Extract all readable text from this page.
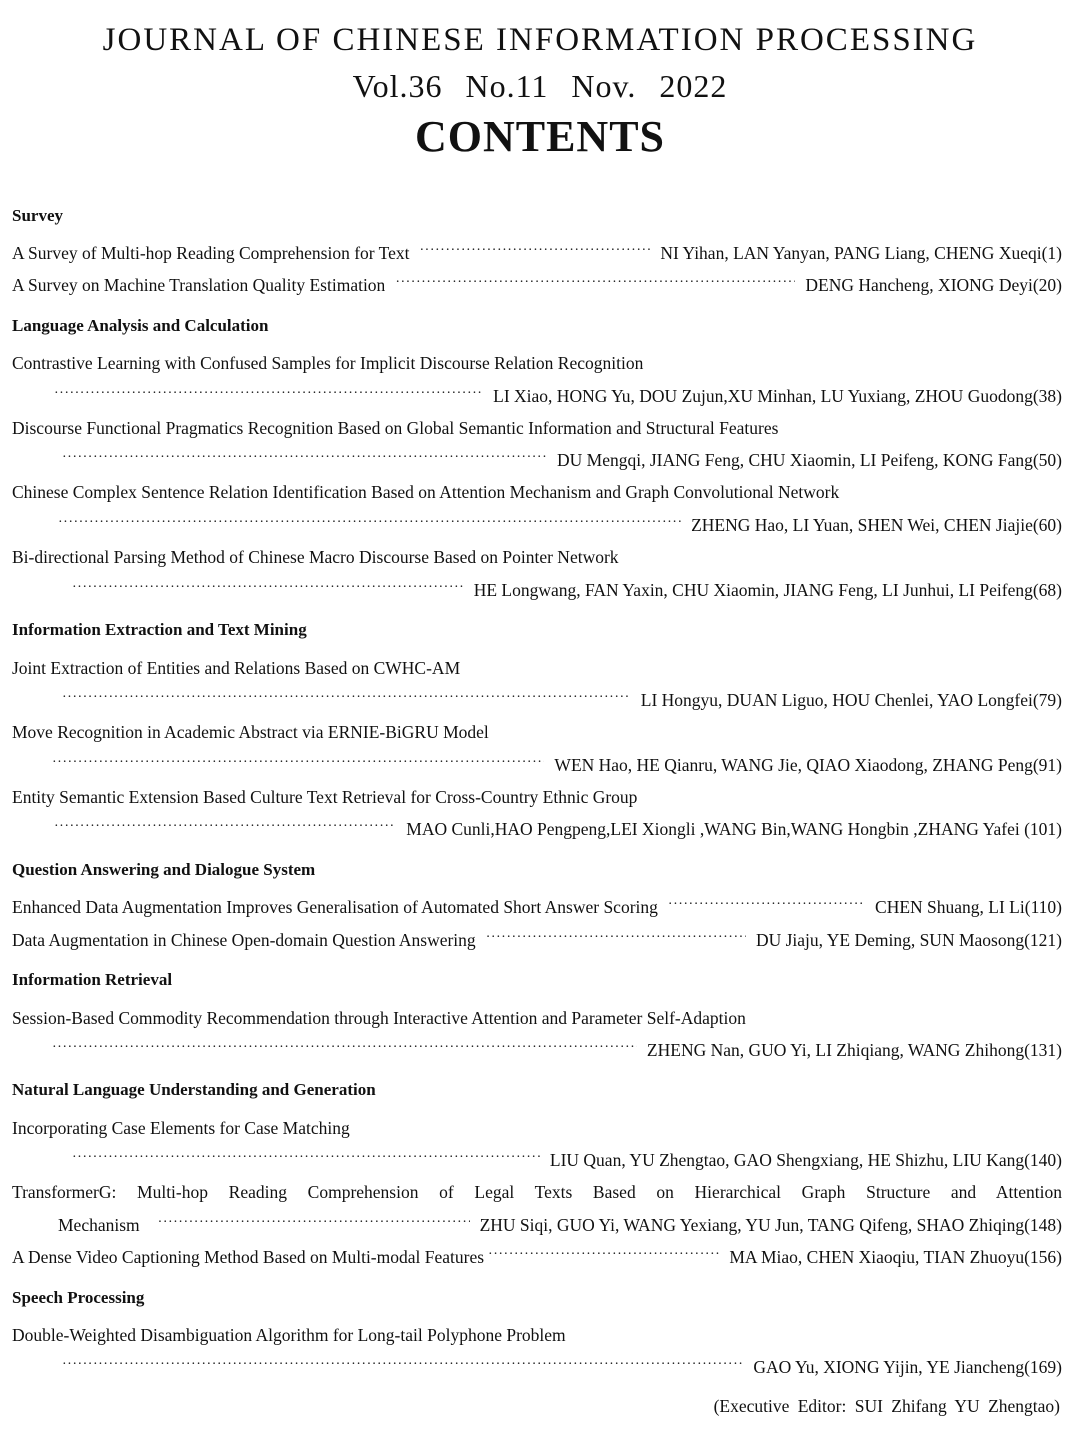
JOURNAL OF CHINESE INFORMATION PROCESSING
Vol.36 No.11 Nov. 2022
CONTENTS
Survey
A Survey of Multi-hop Reading Comprehension for Text ·····	NI Yihan, LAN Yanyan, PANG Liang, CHENG Xueqi(1)
A Survey on Machine Translation Quality Estimation ·····	DENG Hancheng, XIONG Deyi(20)
Language Analysis and Calculation
Contrastive Learning with Confused Samples for Implicit Discourse Relation Recognition
·····
LI Xiao, HONG Yu, DOU Zujun,XU Minhan, LU Yuxiang, ZHOU Guodong(38)
Discourse Functional Pragmatics Recognition Based on Global Semantic Information and Structural Features
·····
DU Mengqi, JIANG Feng, CHU Xiaomin, LI Peifeng, KONG Fang(50)
Chinese Complex Sentence Relation Identification Based on Attention Mechanism and Graph Convolutional Network
·····
ZHENG Hao, LI Yuan, SHEN Wei, CHEN Jiajie(60)
Bi-directional Parsing Method of Chinese Macro Discourse Based on Pointer Network
·····
HE Longwang, FAN Yaxin, CHU Xiaomin, JIANG Feng, LI Junhui, LI Peifeng(68)
Information Extraction and Text Mining
Joint Extraction of Entities and Relations Based on CWHC-AM
·····
LI Hongyu, DUAN Liguo, HOU Chenlei, YAO Longfei(79)
Move Recognition in Academic Abstract via ERNIE-BiGRU Model
·····
WEN Hao, HE Qianru, WANG Jie, QIAO Xiaodong, ZHANG Peng(91)
Entity Semantic Extension Based Culture Text Retrieval for Cross-Country Ethnic Group
·····
MAO Cunli,HAO Pengpeng,LEI Xiongli ,WANG Bin,WANG Hongbin ,ZHANG Yafei (101)
Question Answering and Dialogue System
Enhanced Data Augmentation Improves Generalisation of Automated Short Answer Scoring ·····	CHEN Shuang, LI Li(110)
Data Augmentation in Chinese Open-domain Question Answering ·····	DU Jiaju, YE Deming, SUN Maosong(121)
Information Retrieval
Session-Based Commodity Recommendation through Interactive Attention and Parameter Self-Adaption
·····
ZHENG Nan, GUO Yi, LI Zhiqiang, WANG Zhihong(131)
Natural Language Understanding and Generation
Incorporating Case Elements for Case Matching
·····
LIU Quan, YU Zhengtao, GAO Shengxiang, HE Shizhu, LIU Kang(140)
TransformerG: Multi-hop Reading Comprehension of Legal Texts Based on Hierarchical Graph Structure and Attention
Mechanism ·····	ZHU Siqi, GUO Yi, WANG Yexiang, YU Jun, TANG Qifeng, SHAO Zhiqing(148)
A Dense Video Captioning Method Based on Multi-modal Features ·····	MA Miao, CHEN Xiaoqiu, TIAN Zhuoyu(156)
Speech Processing
Double-Weighted Disambiguation Algorithm for Long-tail Polyphone Problem
·····
GAO Yu, XIONG Yijin, YE Jiancheng(169)
(Executive Editor: SUI Zhifang YU Zhengtao)
